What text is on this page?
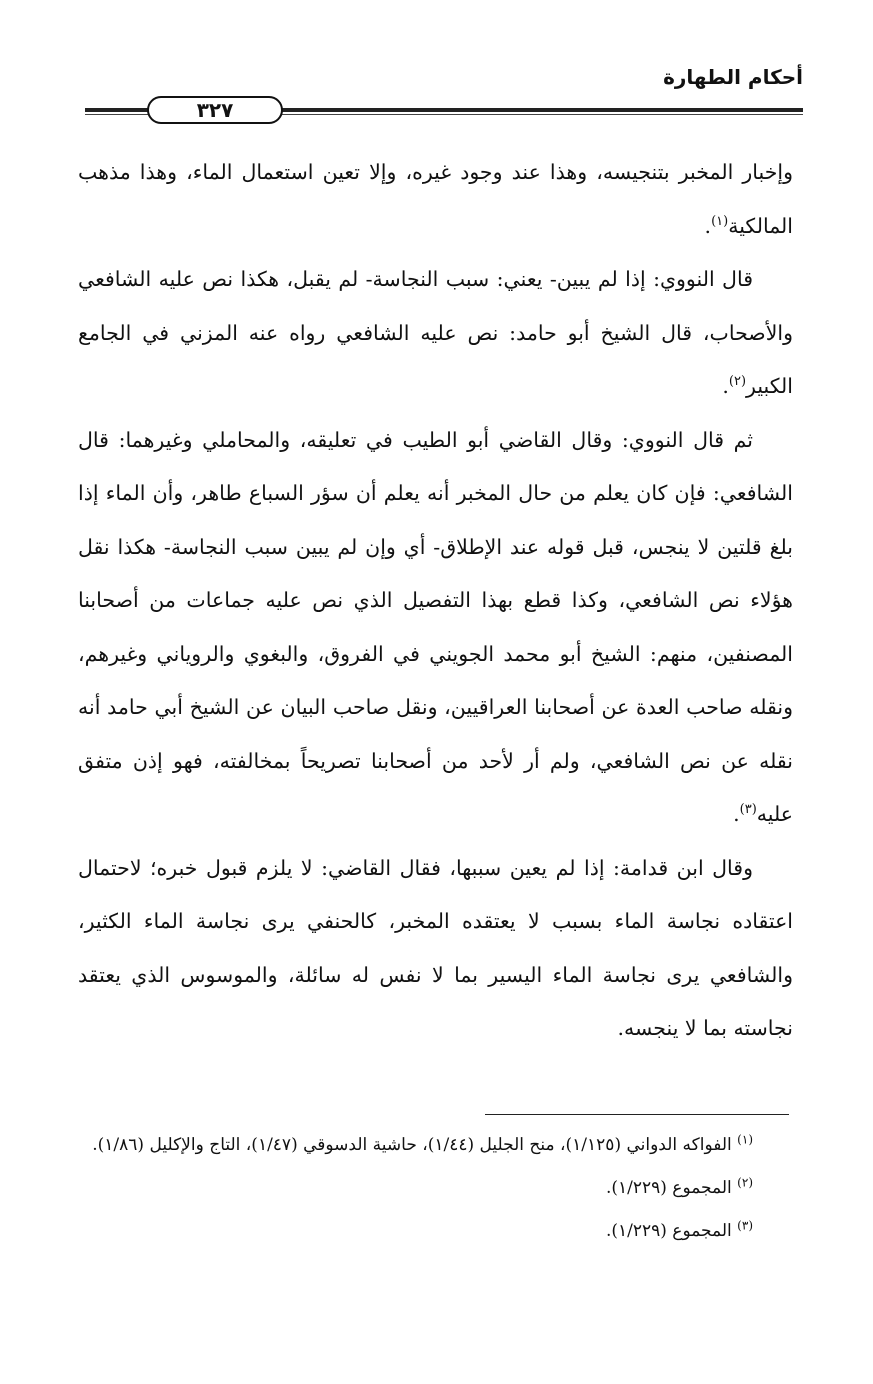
أحكام الطهارة
٣٢٧

وإخبار المخبر بتنجيسه، وهذا عند وجود غيره، وإلا تعين استعمال الماء، وهذا مذهب المالكية$^{(١)}$.

قال النووي: إذا لم يبين- يعني: سبب النجاسة- لم يقبل، هكذا نص عليه الشافعي والأصحاب، قال الشيخ أبو حامد: نص عليه الشافعي رواه عنه المزني في الجامع الكبير$^{(٢)}$.

ثم قال النووي: وقال القاضي أبو الطيب في تعليقه، والمحاملي وغيرهما: قال الشافعي: فإن كان يعلم من حال المخبر أنه يعلم أن سؤر السباع طاهر، وأن الماء إذا بلغ قلتين لا ينجس، قبل قوله عند الإطلاق- أي وإن لم يبين سبب النجاسة- هكذا نقل هؤلاء نص الشافعي، وكذا قطع بهذا التفصيل الذي نص عليه جماعات من أصحابنا المصنفين، منهم: الشيخ أبو محمد الجويني في الفروق، والبغوي والروياني وغيرهم، ونقله صاحب العدة عن أصحابنا العراقيين، ونقل صاحب البيان عن الشيخ أبي حامد أنه نقله عن نص الشافعي، ولم أر لأحد من أصحابنا تصريحاً بمخالفته، فهو إذن متفق عليه$^{(٣)}$.

وقال ابن قدامة: إذا لم يعين سببها، فقال القاضي: لا يلزم قبول خبره؛ لاحتمال اعتقاده نجاسة الماء بسبب لا يعتقده المخبر، كالحنفي يرى نجاسة الماء الكثير، والشافعي يرى نجاسة الماء اليسير بما لا نفس له سائلة، والموسوس الذي يعتقد نجاسته بما لا ينجسه.

$^{(١)}$ الفواكه الدواني (١/١٢٥)، منح الجليل (١/٤٤)، حاشية الدسوقي (١/٤٧)، التاج والإكليل (١/٨٦).

$^{(٢)}$ المجموع (١/٢٢٩).

$^{(٣)}$ المجموع (١/٢٢٩).
